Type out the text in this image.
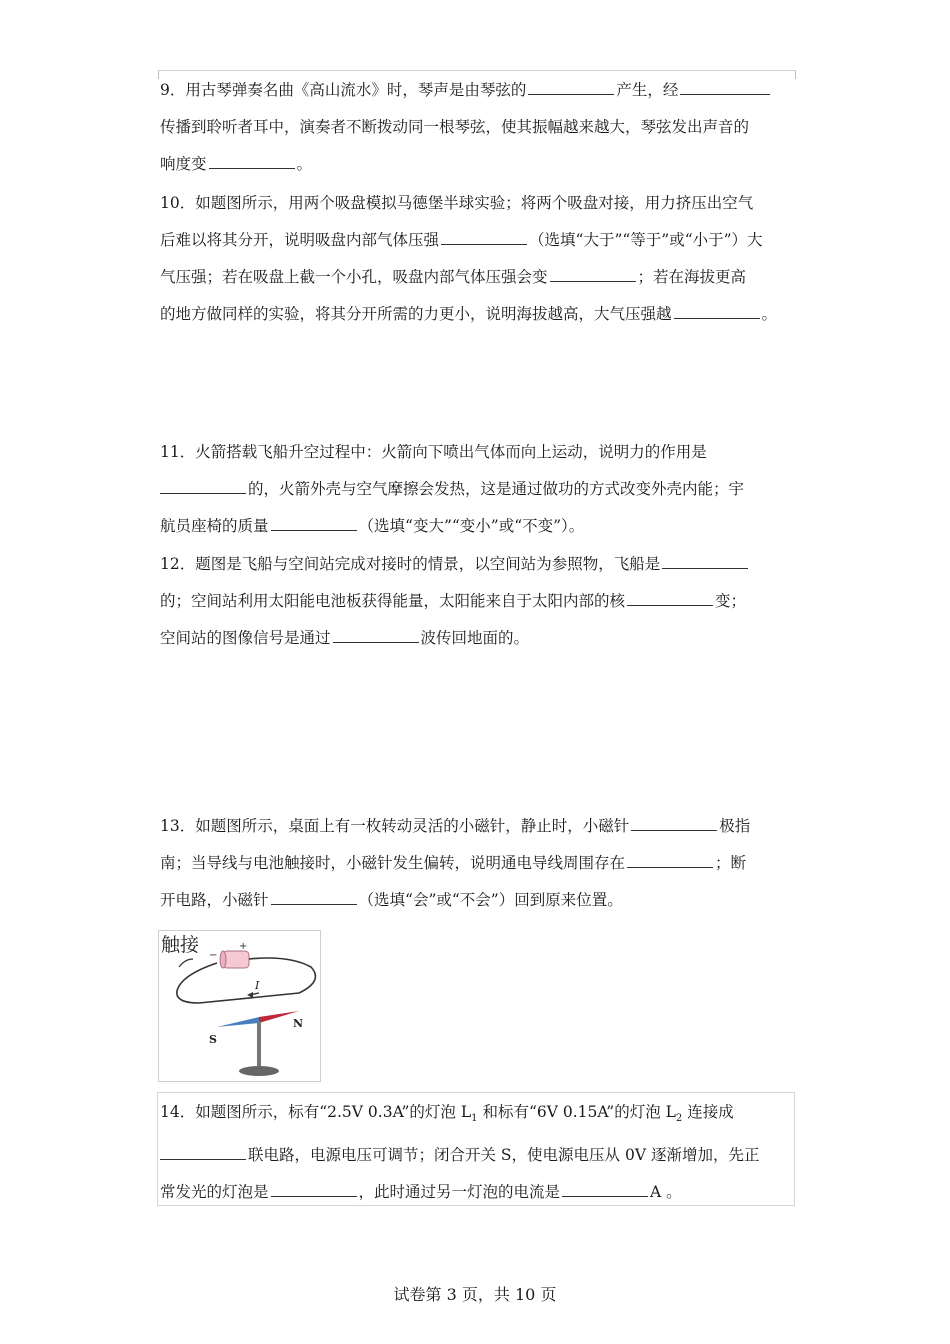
9．用古琴弹奏名曲《高山流水》时，琴声是由琴弦的	产生，经
传播到聆听者耳中，演奏者不断拨动同一根琴弦，使其振幅越来越大，琴弦发出声音的
响度变	。
10．如题图所示，用两个吸盘模拟马德堡半球实验；将两个吸盘对接，用力挤压出空气
后难以将其分开，说明吸盘内部气体压强	（选填“大于”“等于”或“小于”）大
气压强；若在吸盘上截一个小孔，吸盘内部气体压强会变	；若在海拔更高
的地方做同样的实验，将其分开所需的力更小，说明海拔越高，大气压强越	。
11．火箭搭载飞船升空过程中：火箭向下喷出气体而向上运动，说明力的作用是
的，火箭外壳与空气摩擦会发热，这是通过做功的方式改变外壳内能；宇
航员座椅的质量	（选填“变大”“变小”或“不变”）。
12．题图是飞船与空间站完成对接时的情景，以空间站为参照物，飞船是
的；空间站利用太阳能电池板获得能量，太阳能来自于太阳内部的核	变；
空间站的图像信号是通过	波传回地面的。
13．如题图所示，桌面上有一枚转动灵活的小磁针，静止时，小磁针	极指
南；当导线与电池触接时，小磁针发生偏转，说明通电导线周围存在	；断
开电路，小磁针	（选填“会”或“不会”）回到原来位置。
触接 −
+
I
S
N
14．如题图所示，标有“2.5V 0.3A”的灯泡 $L_1$ 和标有“6V 0.15A”的灯泡 $L_2$ 连接成
联电路，电源电压可调节；闭合开关 S，使电源电压从 0V 逐渐增加，先正
常发光的灯泡是	，此时通过另一灯泡的电流是	A 。
试卷第 3 页，共 10 页
